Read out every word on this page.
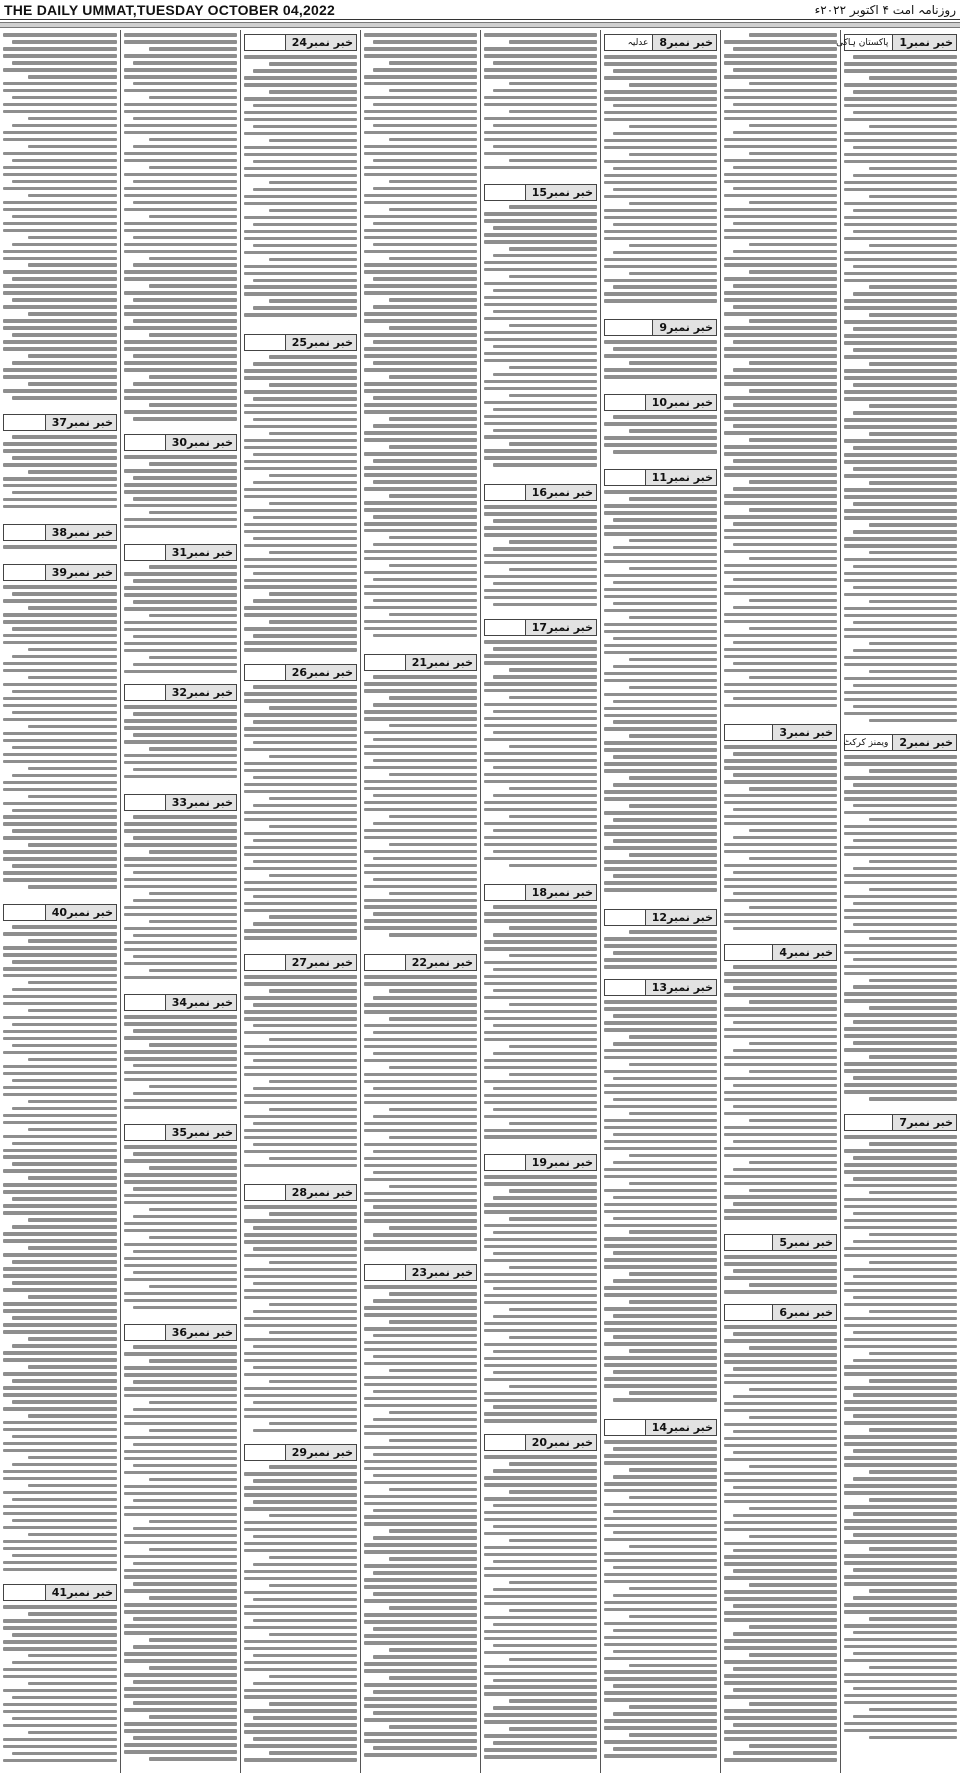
THE DAILY UMMAT,TUESDAY OCTOBER 04,2022	روزنامہ امت ۴ اکتوبر ۲۰۲۲ء
1 خبر نمبر
پاکستان ہاکی
2 خبر نمبر
ویمنز کرکٹ
7 خبر نمبر
3 خبر نمبر
4 خبر نمبر
5 خبر نمبر
6 خبر نمبر
8 خبر نمبر
عدلیہ
9 خبر نمبر
10 خبر نمبر
11 خبر نمبر
12 خبر نمبر
13 خبر نمبر
14 خبر نمبر
15 خبر نمبر
16 خبر نمبر
17 خبر نمبر
18 خبر نمبر
19 خبر نمبر
20 خبر نمبر
21 خبر نمبر
22 خبر نمبر
23 خبر نمبر
24 خبر نمبر
25 خبر نمبر
26 خبر نمبر
27 خبر نمبر
28 خبر نمبر
29 خبر نمبر
30 خبر نمبر
31 خبر نمبر
32 خبر نمبر
33 خبر نمبر
34 خبر نمبر
35 خبر نمبر
36 خبر نمبر
37 خبر نمبر
38 خبر نمبر
39 خبر نمبر
40 خبر نمبر
41 خبر نمبر
